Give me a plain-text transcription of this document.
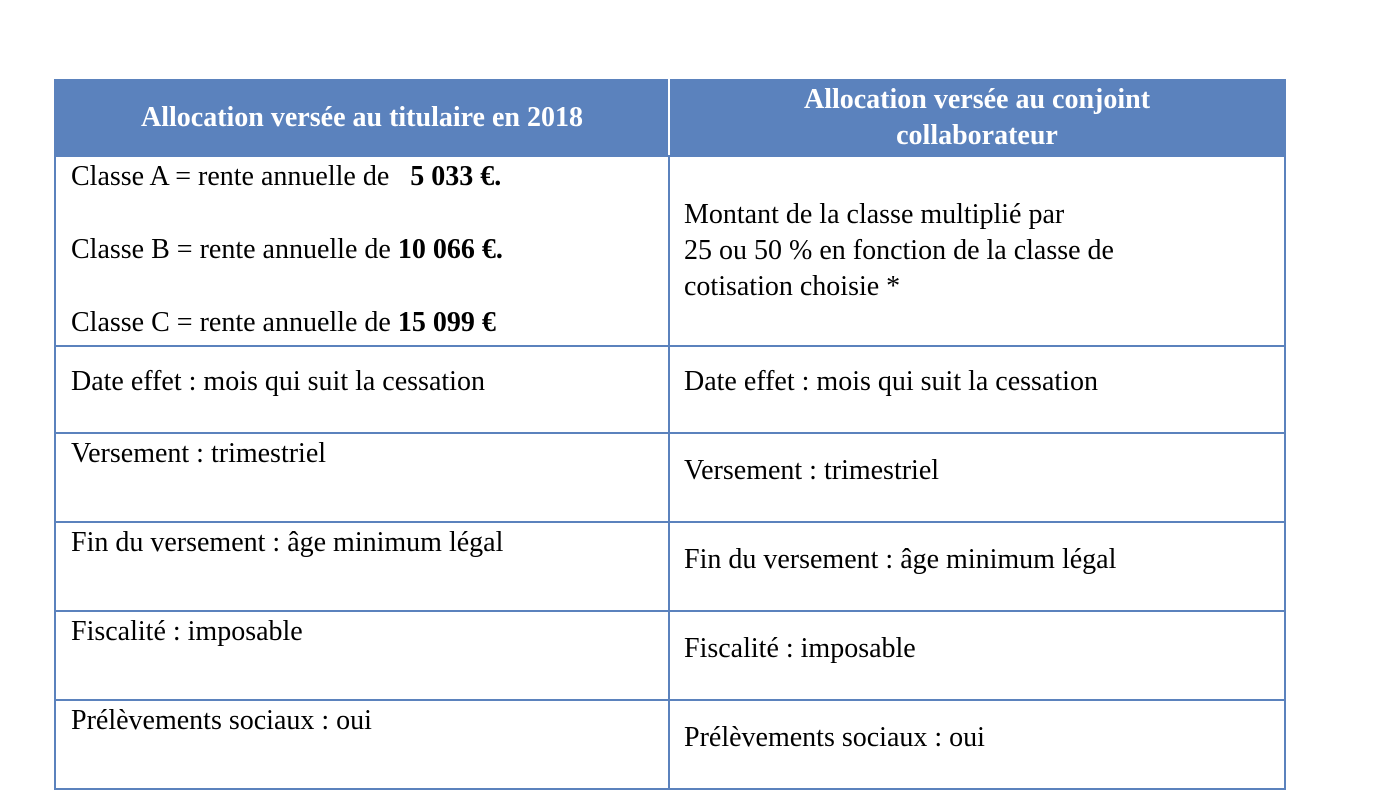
Allocation versée au titulaire en 2018	Allocation versée au conjoint
collaborateur

Classe A = rente annuelle de   5 033 €.
Classe B = rente annuelle de 10 066 €.
Classe C = rente annuelle de 15 099 €	Montant de la classe multiplié par
25 ou 50 % en fonction de la classe de
cotisation choisie *

Date effet : mois qui suit la cessation	Date effet : mois qui suit la cessation

Versement : trimestriel	Versement : trimestriel

Fin du versement : âge minimum légal	Fin du versement : âge minimum légal

Fiscalité : imposable	Fiscalité : imposable

Prélèvements sociaux : oui	Prélèvements sociaux : oui
